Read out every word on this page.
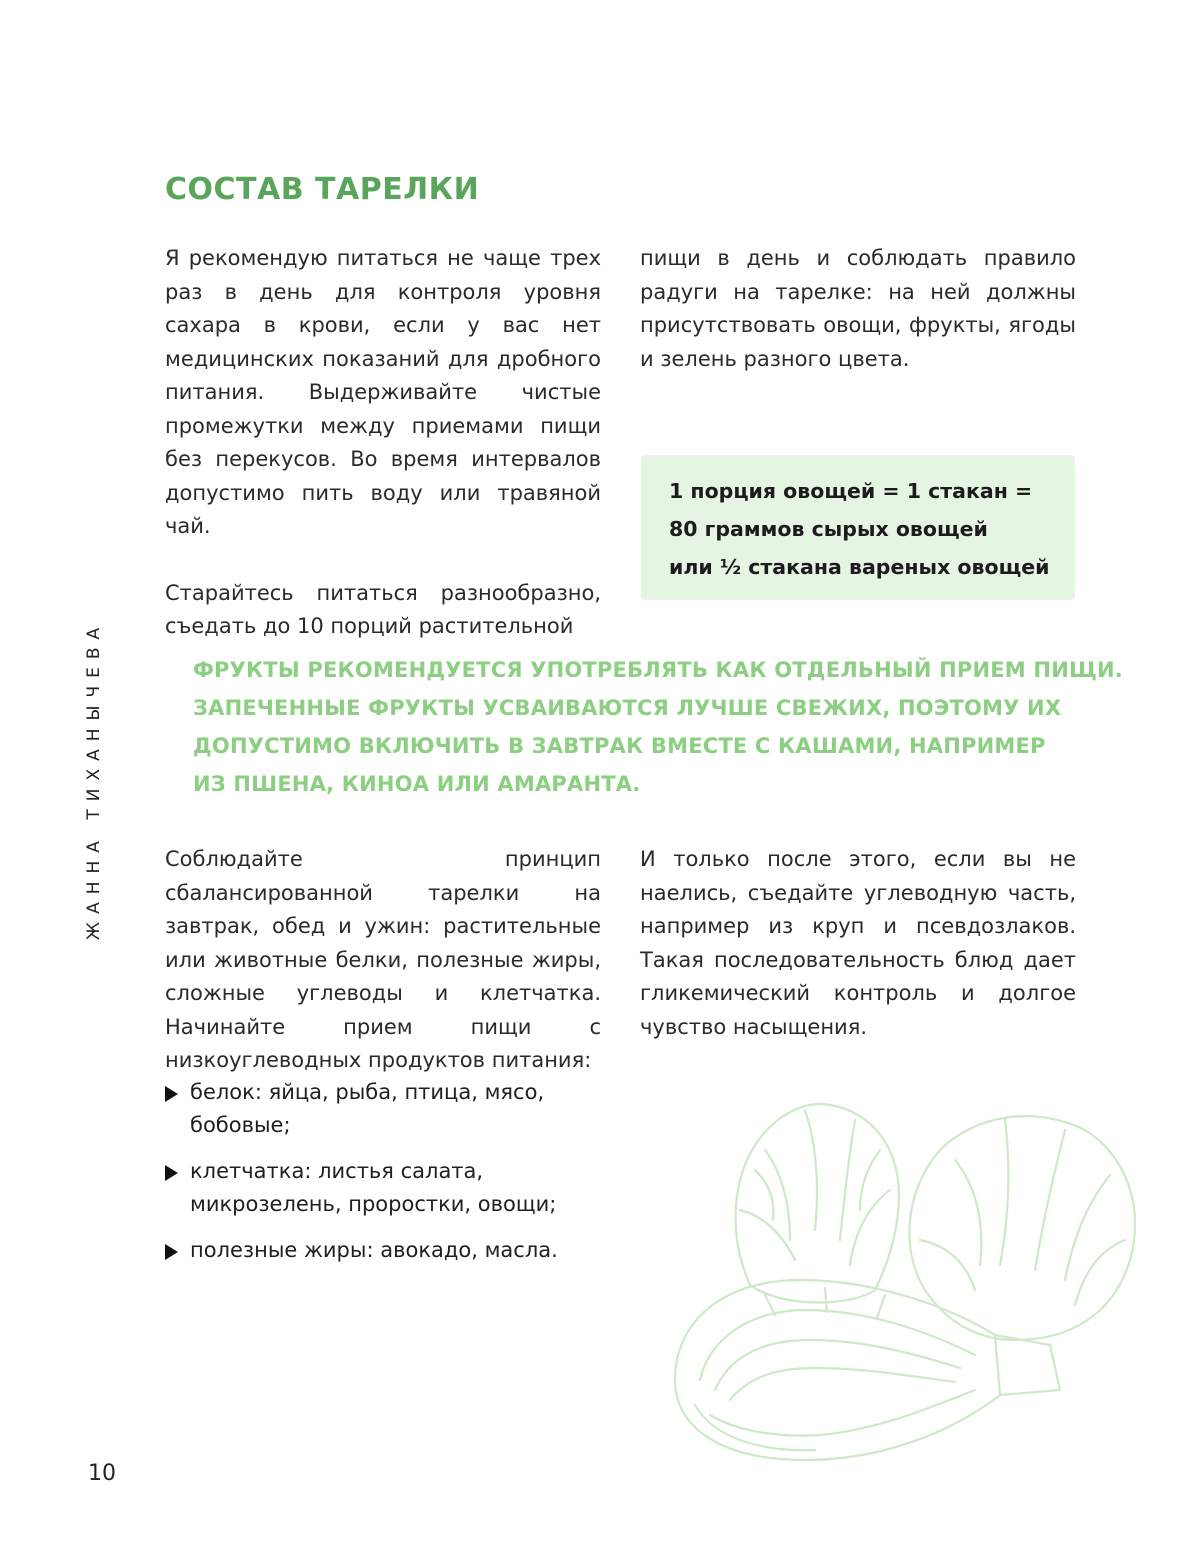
СОСТАВ ТАРЕЛКИ

Я рекомендую питаться не чаще трех раз в день для контроля уровня сахара в крови, если у вас нет медицинских показаний для дробного питания. Выдерживайте чистые промежутки между приемами пищи без перекусов. Во время интервалов допустимо пить воду или травяной чай.

Старайтесь питаться разнообразно, съедать до 10 порций растительной

пищи в день и соблюдать правило радуги на тарелке: на ней должны присутствовать овощи, фрукты, ягоды и зелень разного цвета.

1 порция овощей = 1 стакан =
80 граммов сырых овощей
или ½ стакана вареных овощей
ФРУКТЫ РЕКОМЕНДУЕТСЯ УПОТРЕБЛЯТЬ КАК ОТДЕЛЬНЫЙ ПРИЕМ ПИЩИ.
ЗАПЕЧЕННЫЕ ФРУКТЫ УСВАИВАЮТСЯ ЛУЧШЕ СВЕЖИХ, ПОЭТОМУ ИХ
ДОПУСТИМО ВКЛЮЧИТЬ В ЗАВТРАК ВМЕСТЕ С КАШАМИ, НАПРИМЕР
ИЗ ПШЕНА, КИНОА ИЛИ АМАРАНТА.

Соблюдайте принцип сбалансированной тарелки на завтрак, обед и ужин: растительные или животные белки, полезные жиры, сложные углеводы и клетчатка. Начинайте прием пищи с низкоуглеводных продуктов питания:

И только после этого, если вы не наелись, съедайте углеводную часть, например из круп и псевдозлаков. Такая последовательность блюд дает гликемический контроль и долгое чувство насыщения.

белок: яйца, рыба, птица, мясо, бобовые;
клетчатка: листья салата, микрозелень, проростки, овощи;
полезные жиры: авокадо, масла.
ЖАННА ТИХАНЫЧЕВА
10
